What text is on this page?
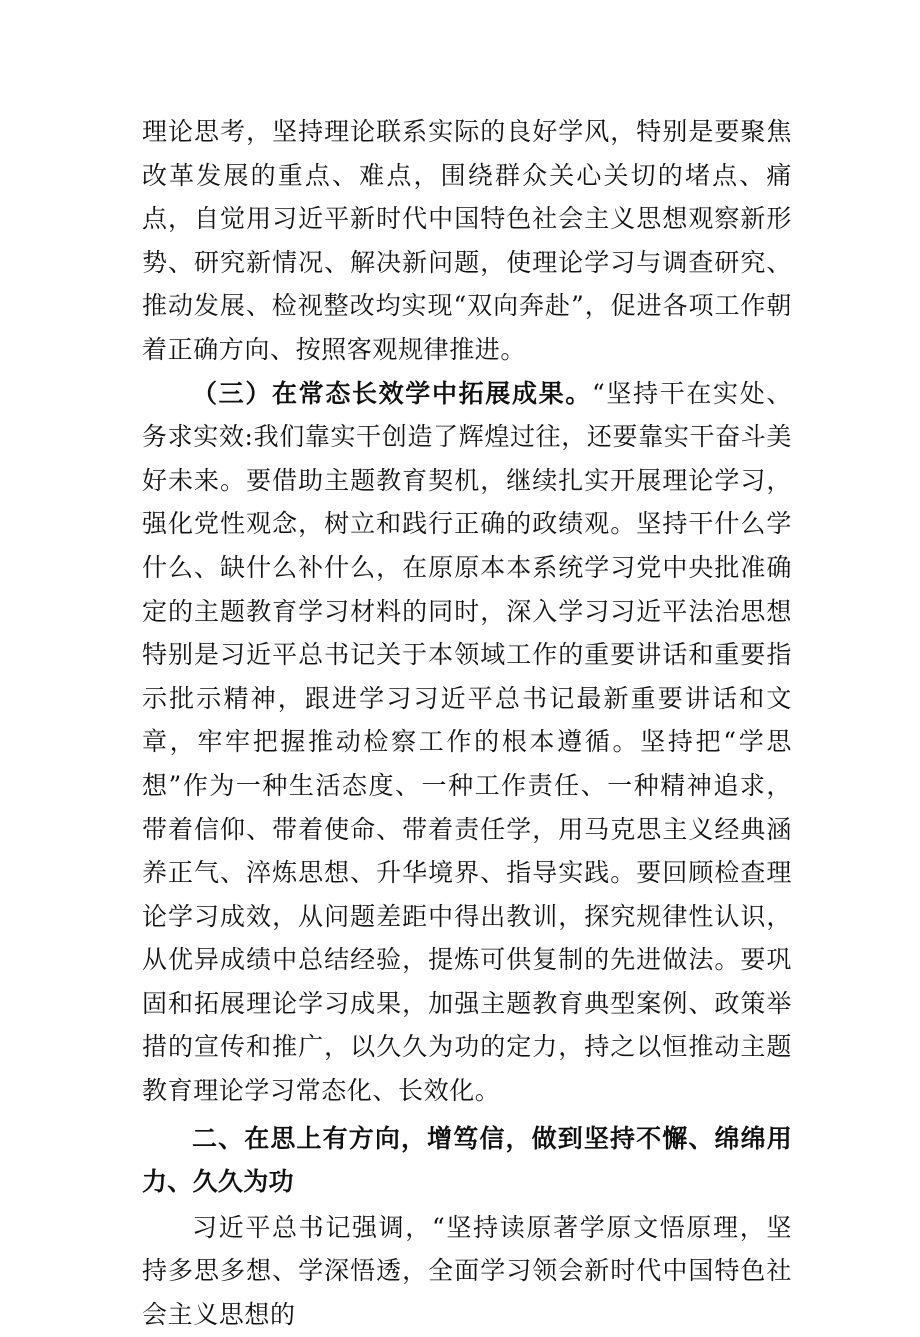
理论思考，坚持理论联系实际的良好学风，特别是要聚焦改革发展的重点、难点，围绕群众关心关切的堵点、痛点，自觉用习近平新时代中国特色社会主义思想观察新形势、研究新情况、解决新问题，使理论学习与调查研究、推动发展、检视整改均实现“双向奔赴”，促进各项工作朝着正确方向、按照客观规律推进。

（三）在常态长效学中拓展成果。“坚持干在实处、务求实效:我们靠实干创造了辉煌过往，还要靠实干奋斗美好未来。要借助主题教育契机，继续扎实开展理论学习，强化党性观念，树立和践行正确的政绩观。坚持干什么学什么、缺什么补什么，在原原本本系统学习党中央批准确定的主题教育学习材料的同时，深入学习习近平法治思想特别是习近平总书记关于本领域工作的重要讲话和重要指示批示精神，跟进学习习近平总书记最新重要讲话和文章，牢牢把握推动检察工作的根本遵循。坚持把“学思想”作为一种生活态度、一种工作责任、一种精神追求，带着信仰、带着使命、带着责任学，用马克思主义经典涵养正气、淬炼思想、升华境界、指导实践。要回顾检查理论学习成效，从问题差距中得出教训，探究规律性认识，从优异成绩中总结经验，提炼可供复制的先进做法。要巩固和拓展理论学习成果，加强主题教育典型案例、政策举措的宣传和推广，以久久为功的定力，持之以恒推动主题教育理论学习常态化、长效化。

二、在思上有方向，增笃信，做到坚持不懈、绵绵用力、久久为功

习近平总书记强调，“坚持读原著学原文悟原理，坚持多思多想、学深悟透，全面学习领会新时代中国特色社会主义思想的
